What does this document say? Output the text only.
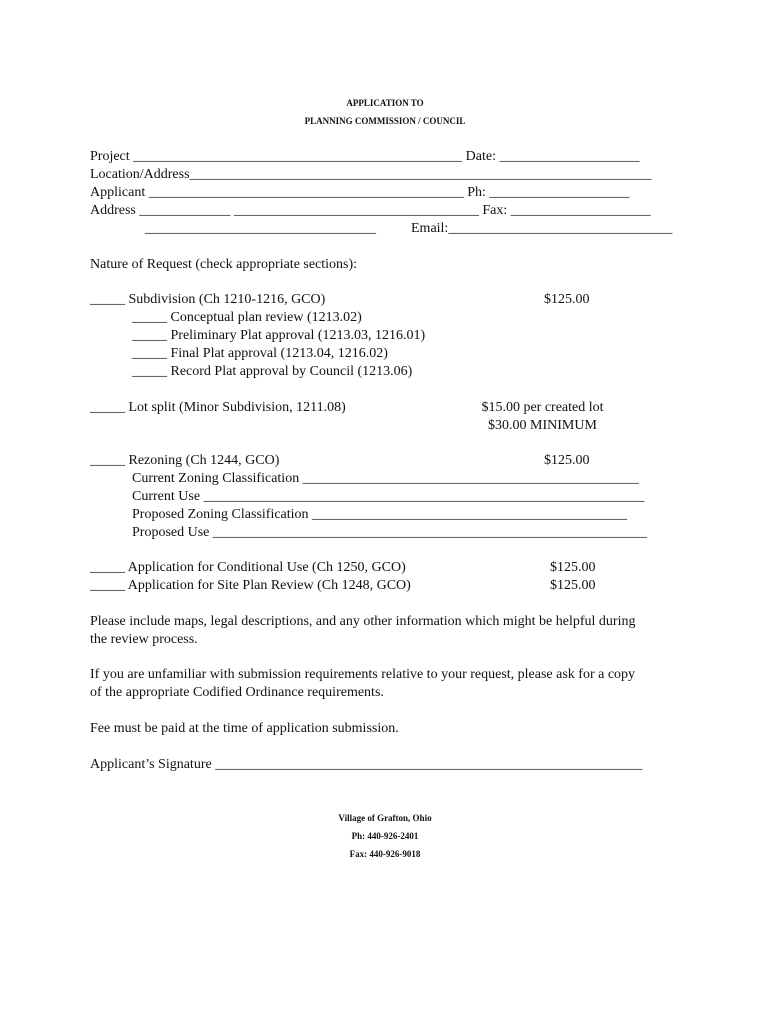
APPLICATION TO
PLANNING COMMISSION / COUNCIL
Project _______________________________________________ Date: ____________________
Location/Address__________________________________________________________________
Applicant _____________________________________________ Ph: ____________________
Address _____________ ___________________________________ Fax: ____________________
_________________________________	Email:________________________________
Nature of Request (check appropriate sections):
_____ Subdivision (Ch 1210-1216, GCO)	$125.00
_____ Conceptual plan review (1213.02)
_____ Preliminary Plat approval (1213.03, 1216.01)
_____ Final Plat approval (1213.04, 1216.02)
_____ Record Plat approval by Council (1213.06)
_____ Lot split (Minor Subdivision, 1211.08)	$15.00 per created lot
$30.00 MINIMUM
_____ Rezoning (Ch 1244, GCO)	$125.00
Current Zoning Classification ________________________________________________
Current Use _______________________________________________________________
Proposed Zoning Classification _____________________________________________
Proposed Use ______________________________________________________________
_____ Application for Conditional Use (Ch 1250, GCO)	$125.00
_____ Application for Site Plan Review (Ch 1248, GCO)	$125.00
Please include maps, legal descriptions, and any other information which might be helpful during
the review process.
If you are unfamiliar with submission requirements relative to your request, please ask for a copy
of the appropriate Codified Ordinance requirements.
Fee must be paid at the time of application submission.
Applicant’s Signature _____________________________________________________________
Village of Grafton, Ohio
Ph: 440-926-2401
Fax: 440-926-9018
